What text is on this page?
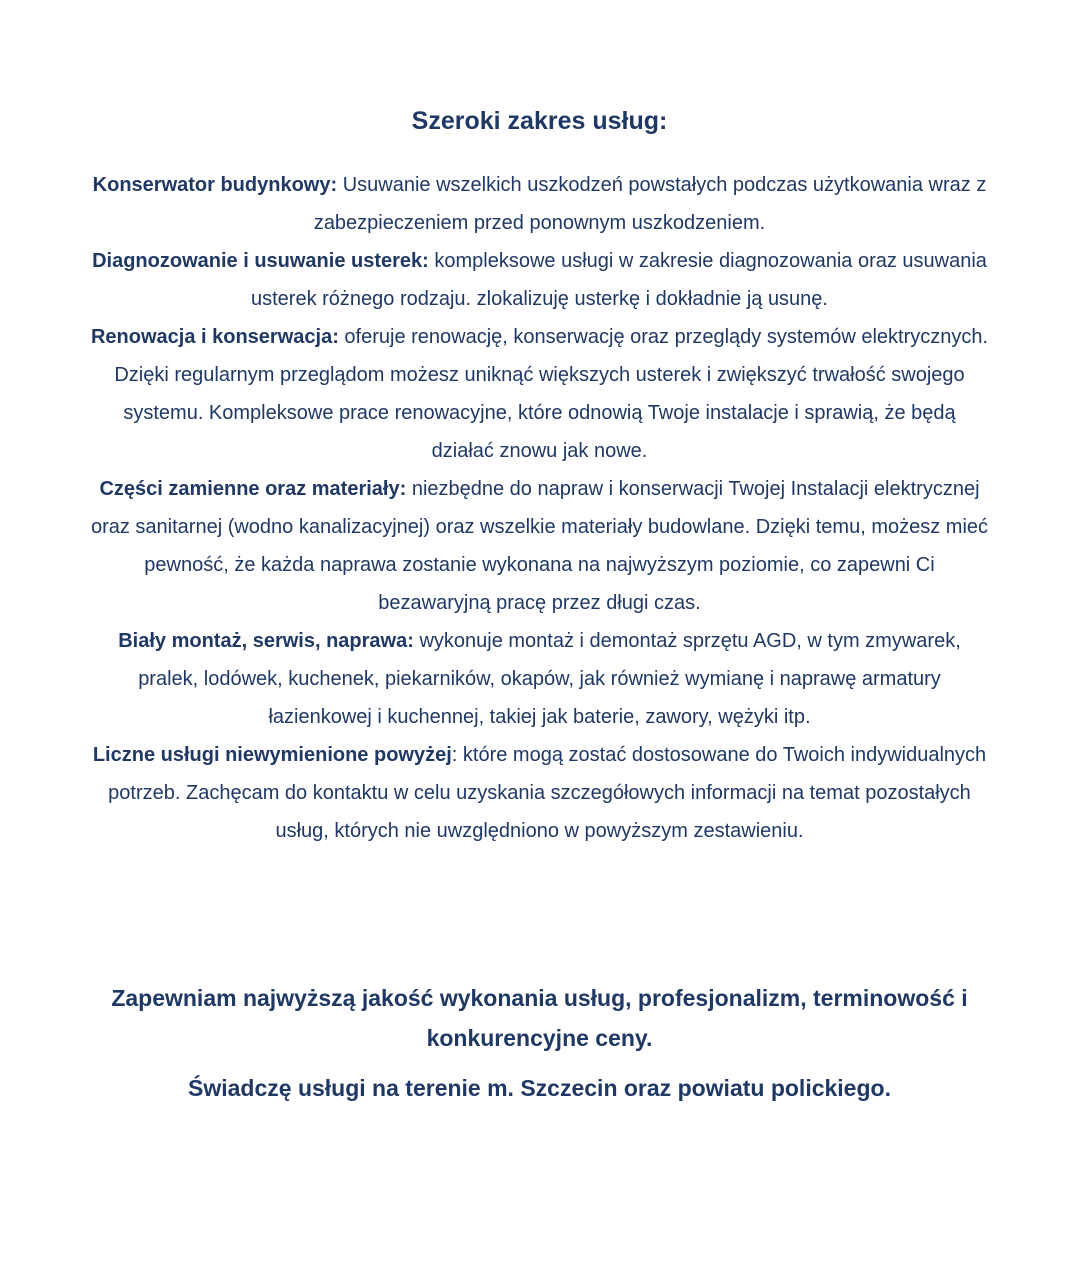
Szeroki zakres usług:

Konserwator budynkowy: Usuwanie wszelkich uszkodzeń powstałych podczas użytkowania wraz z zabezpieczeniem przed ponownym uszkodzeniem.

Diagnozowanie i usuwanie usterek: kompleksowe usługi w zakresie diagnozowania oraz usuwania usterek różnego rodzaju. zlokalizuję usterkę i dokładnie ją usunę.

Renowacja i konserwacja: oferuje renowację, konserwację oraz przeglądy systemów elektrycznych. Dzięki regularnym przeglądom możesz uniknąć większych usterek i zwiększyć trwałość swojego systemu. Kompleksowe prace renowacyjne, które odnowią Twoje instalacje i sprawią, że będą działać znowu jak nowe.

Części zamienne oraz materiały: niezbędne do napraw i konserwacji Twojej Instalacji elektrycznej oraz sanitarnej (wodno kanalizacyjnej) oraz wszelkie materiały budowlane. Dzięki temu, możesz mieć pewność, że każda naprawa zostanie wykonana na najwyższym poziomie, co zapewni Ci bezawaryjną pracę przez długi czas.

Biały montaż, serwis, naprawa: wykonuje montaż i demontaż sprzętu AGD, w tym zmywarek, pralek, lodówek, kuchenek, piekarników, okapów, jak również wymianę i naprawę armatury łazienkowej i kuchennej, takiej jak baterie, zawory, wężyki itp.

Liczne usługi niewymienione powyżej: które mogą zostać dostosowane do Twoich indywidualnych potrzeb. Zachęcam do kontaktu w celu uzyskania szczegółowych informacji na temat pozostałych usług, których nie uwzględniono w powyższym zestawieniu.

Zapewniam najwyższą jakość wykonania usług, profesjonalizm, terminowość i konkurencyjne ceny.

Świadczę usługi na terenie m. Szczecin oraz powiatu polickiego.
